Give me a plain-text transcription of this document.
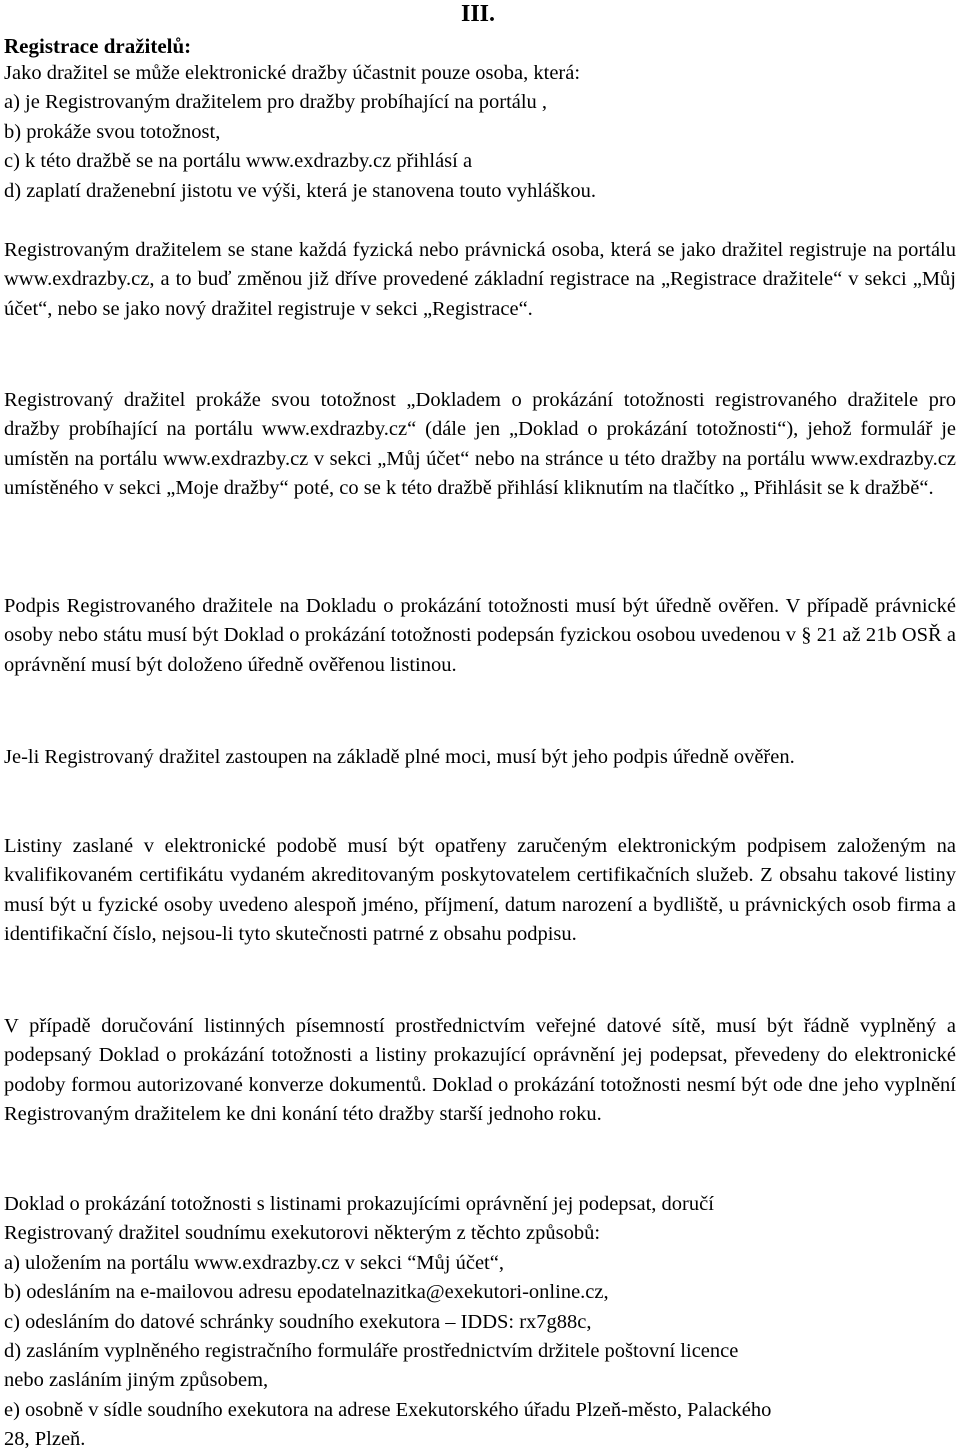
III.
Registrace dražitelů:
Jako dražitel se může elektronické dražby účastnit pouze osoba, která:
a) je Registrovaným dražitelem pro dražby probíhající na portálu ,
b) prokáže svou totožnost,
c) k této dražbě se na portálu www.exdrazby.cz přihlásí a
d) zaplatí draženební jistotu ve výši, která je stanovena touto vyhláškou.

Registrovaným dražitelem se stane každá fyzická nebo právnická osoba, která se jako dražitel registruje na portálu www.exdrazby.cz, a to buď změnou již dříve provedené základní registrace na „Registrace dražitele“ v sekci „Můj účet“, nebo se jako nový dražitel registruje v sekci „Registrace“.

Registrovaný dražitel prokáže svou totožnost „Dokladem o prokázání totožnosti registrovaného dražitele pro dražby probíhající na portálu www.exdrazby.cz“ (dále jen „Doklad o prokázání totožnosti“), jehož formulář je umístěn na portálu www.exdrazby.cz v sekci „Můj účet“ nebo na stránce u této dražby na portálu www.exdrazby.cz umístěného v sekci „Moje dražby“ poté, co se k této dražbě přihlásí kliknutím na tlačítko „ Přihlásit se k dražbě“.

Podpis Registrovaného dražitele na Dokladu o prokázání totožnosti musí být úředně ověřen. V případě právnické osoby nebo státu musí být Doklad o prokázání totožnosti podepsán fyzickou osobou uvedenou v § 21 až 21b OSŘ a oprávnění musí být doloženo úředně ověřenou listinou.

Je-li Registrovaný dražitel zastoupen na základě plné moci, musí být jeho podpis úředně ověřen.

Listiny zaslané v elektronické podobě musí být opatřeny zaručeným elektronickým podpisem založeným na kvalifikovaném certifikátu vydaném akreditovaným poskytovatelem certifikačních služeb. Z obsahu takové listiny musí být u fyzické osoby uvedeno alespoň jméno, příjmení, datum narození a bydliště, u právnických osob firma a identifikační číslo, nejsou-li tyto skutečnosti patrné z obsahu podpisu.

V případě doručování listinných písemností prostřednictvím veřejné datové sítě, musí být řádně vyplněný a podepsaný Doklad o prokázání totožnosti a listiny prokazující oprávnění jej podepsat, převedeny do elektronické podoby formou autorizované konverze dokumentů. Doklad o prokázání totožnosti nesmí být ode dne jeho vyplnění Registrovaným dražitelem ke dni konání této dražby starší jednoho roku.

Doklad o prokázání totožnosti s listinami prokazujícími oprávnění jej podepsat, doručí
Registrovaný dražitel soudnímu exekutorovi některým z těchto způsobů:
a) uložením na portálu www.exdrazby.cz v sekci “Můj účet“,
b) odesláním na e-mailovou adresu epodatelnazitka@exekutori-online.cz,
c) odesláním do datové schránky soudního exekutora – IDDS: rx7g88c,
d) zasláním vyplněného registračního formuláře prostřednictvím držitele poštovní licence
nebo zasláním jiným způsobem,
e) osobně v sídle soudního exekutora na adrese Exekutorského úřadu Plzeň-město, Palackého
28, Plzeň.
